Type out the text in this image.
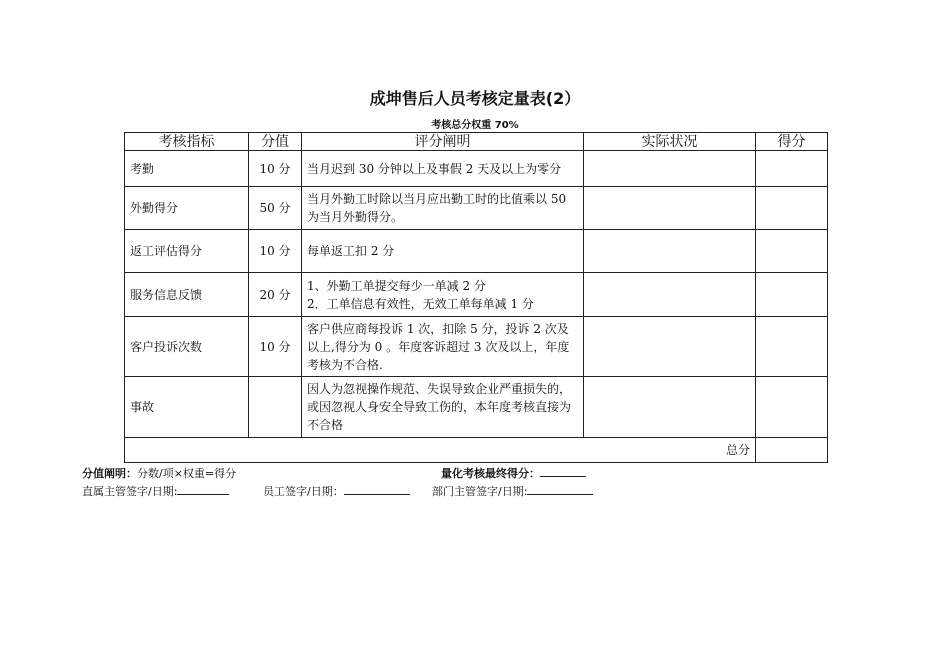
成坤售后人员考核定量表(2）
考核总分权重 70%
考核指标	分值	评分阐明	实际状况	得分
考勤	10 分	当月迟到 30 分钟以上及事假 2 天及以上为零分		
外勤得分	50 分	当月外勤工时除以当月应出勤工时的比值乘以 50 为当月外勤得分。		
返工评估得分	10 分	每单返工扣 2 分		
服务信息反馈	20 分	1、外勤工单提交每少一单减 2 分
2．工单信息有效性，无效工单每单减 1 分		

客户投诉次数	10 分	客户供应商每投诉 1 次，扣除 5 分，投诉 2 次及以上,得分为 0 。年度客诉超过 3 次及以上，年度考核为不合格.		
事故		因人为忽视操作规范、失误导致企业严重损失的，或因忽视人身安全导致工伤的，本年度考核直接为不合格		
总分				
分值阐明：分数/项×权重=得分	量化考核最终得分：
直属主管签字/日期:	员工签字/日期：	部门主管签字/日期:
